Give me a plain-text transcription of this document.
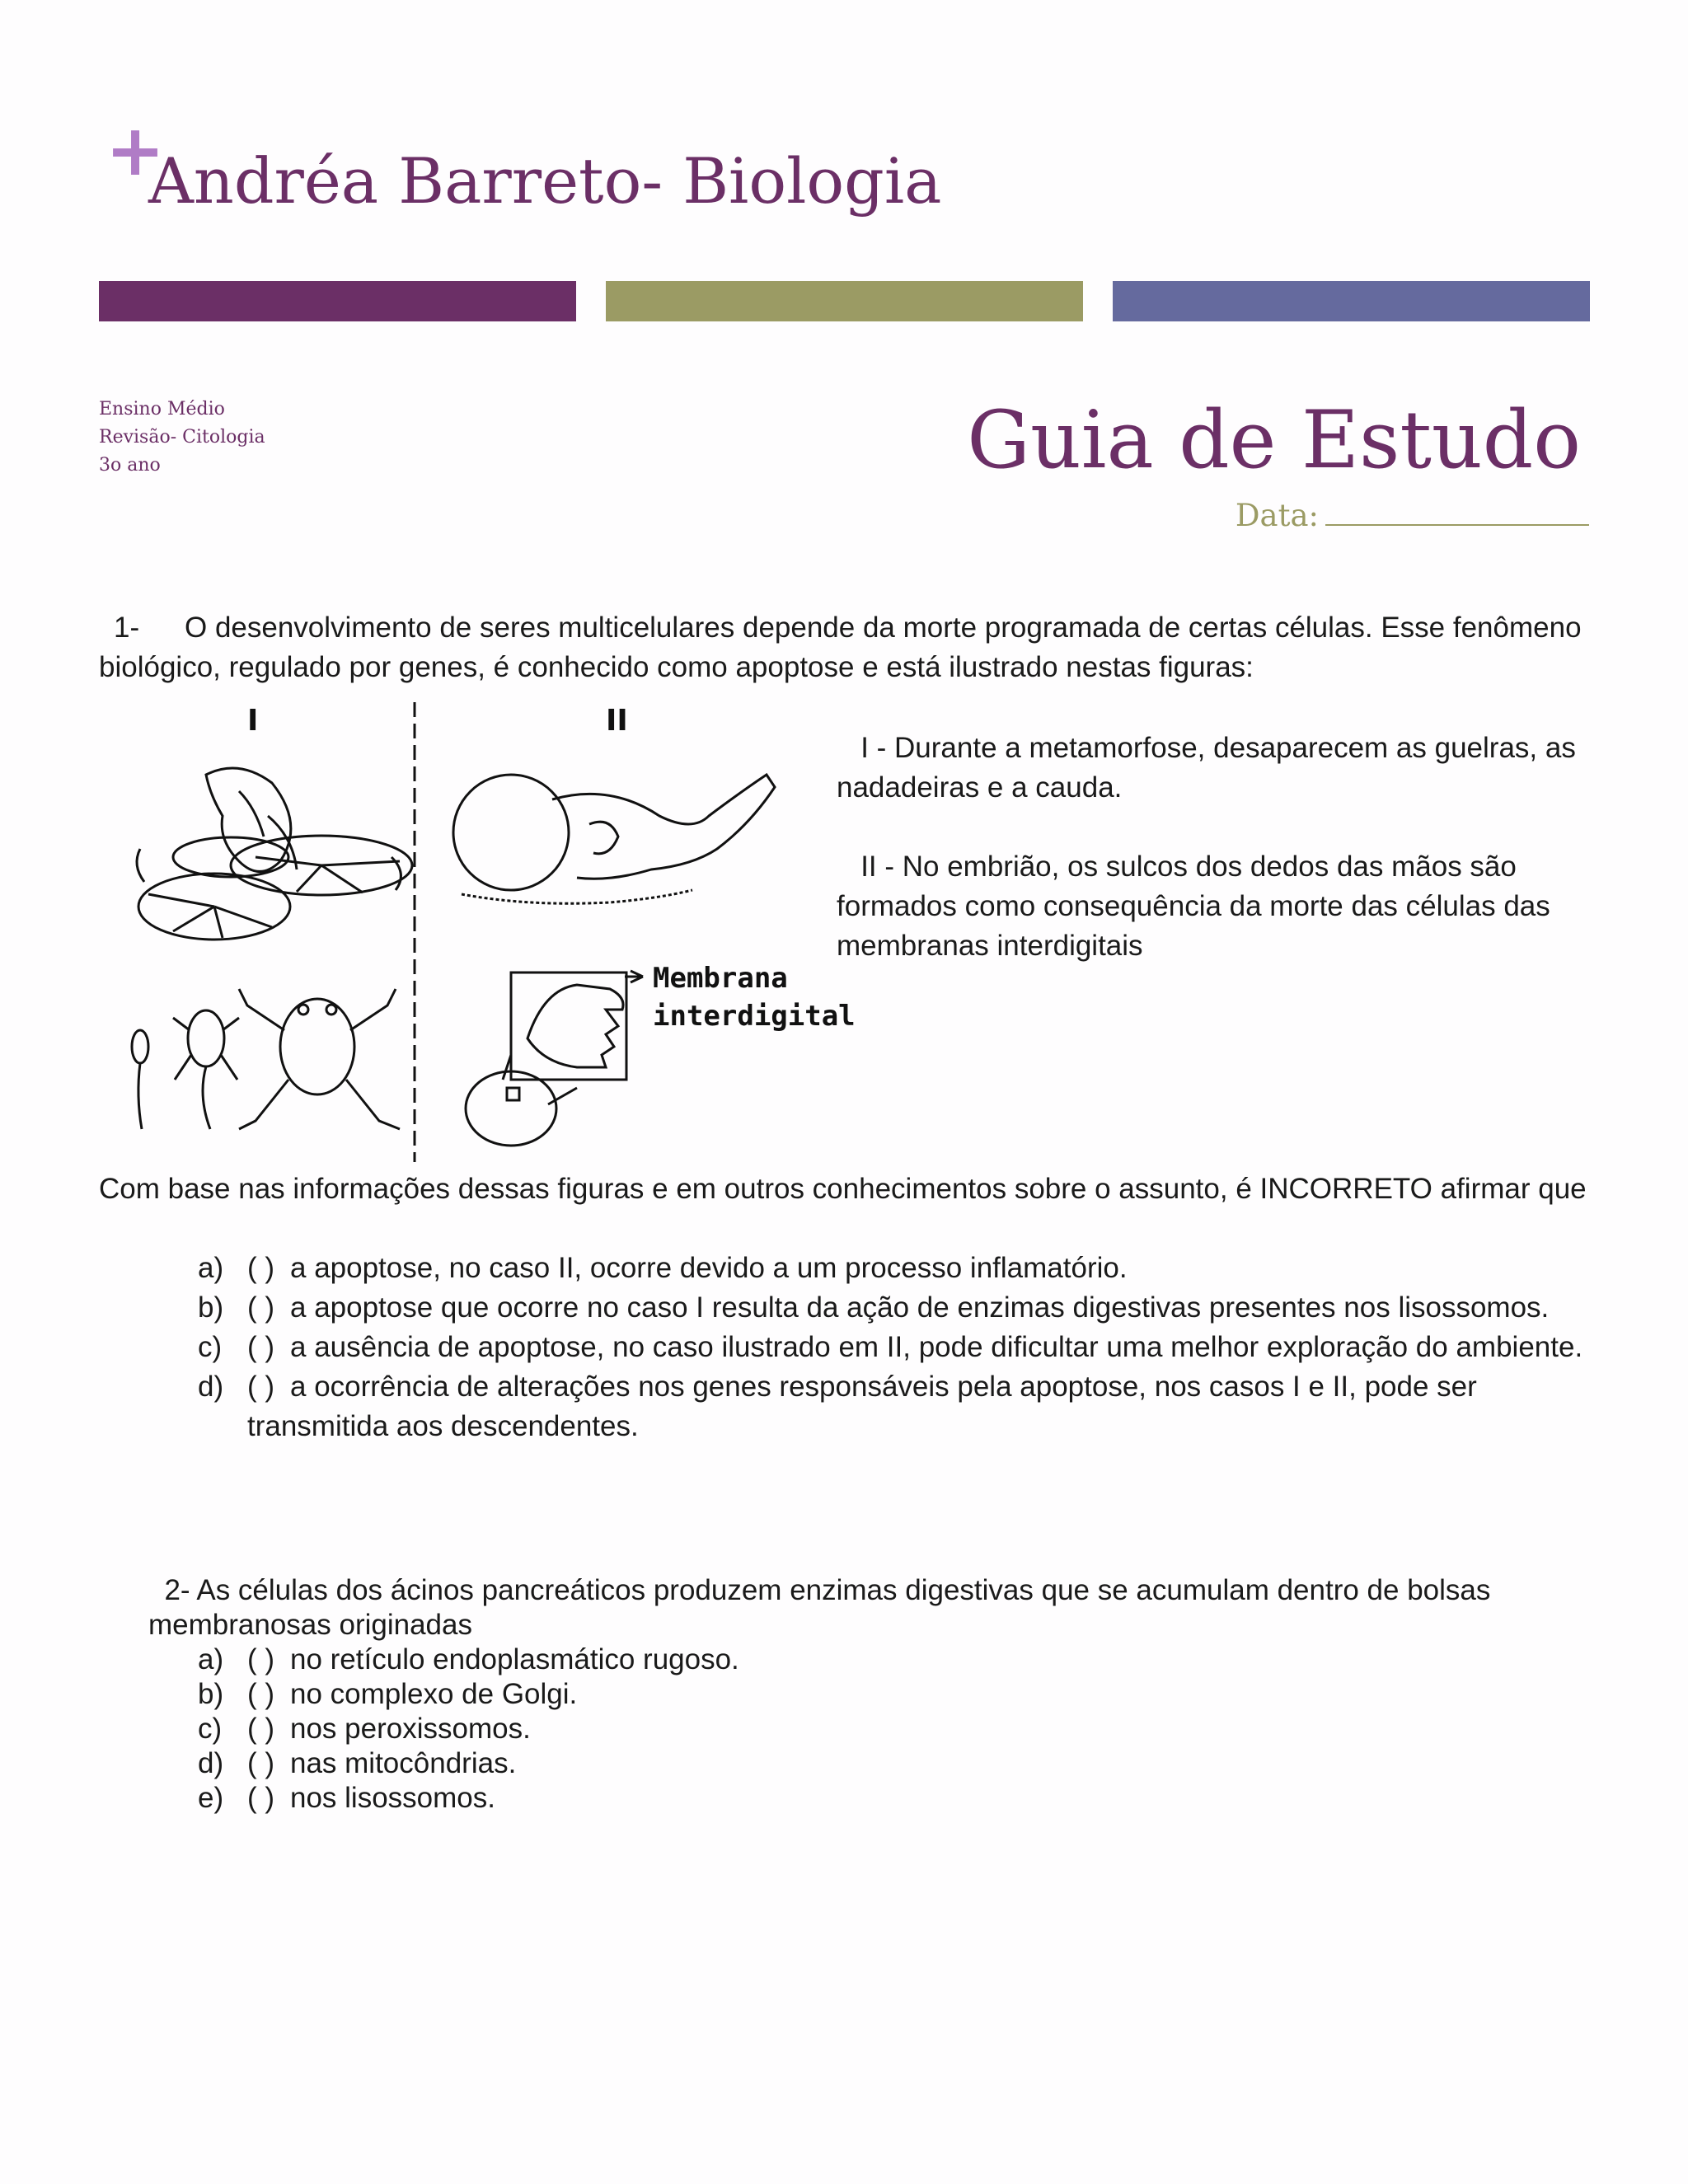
+
Andréa Barreto- Biologia
Ensino Médio
Revisão- Citologia
3o ano	Guia de Estudo
Data:
1- O desenvolvimento de seres multicelulares depende da morte programada de certas células. Esse fenômeno biológico, regulado por genes, é conhecido como apoptose e está ilustrado nestas figuras:
I	II
Membrana
interdigital

I - Durante a metamorfose, desaparecem as guelras, as nadadeiras e a cauda.

II - No embrião, os sulcos dos dedos das mãos são formados como consequência da morte das células das membranas interdigitais

Com base nas informações dessas figuras e em outros conhecimentos sobre o assunto, é INCORRETO afirmar que
a) ( ) a apoptose, no caso II, ocorre devido a um processo inflamatório.
b) ( ) a apoptose que ocorre no caso I resulta da ação de enzimas digestivas presentes nos lisossomos.
c) ( ) a ausência de apoptose, no caso ilustrado em II, pode dificultar uma melhor exploração do ambiente.
d) ( ) a ocorrência de alterações nos genes responsáveis pela apoptose, nos casos I e II, pode ser transmitida aos descendentes.
2- As células dos ácinos pancreáticos produzem enzimas digestivas que se acumulam dentro de bolsas membranosas originadas
a) ( ) no retículo endoplasmático rugoso.
b) ( ) no complexo de Golgi.
c) ( ) nos peroxissomos.
d) ( ) nas mitocôndrias.
e) ( ) nos lisossomos.
